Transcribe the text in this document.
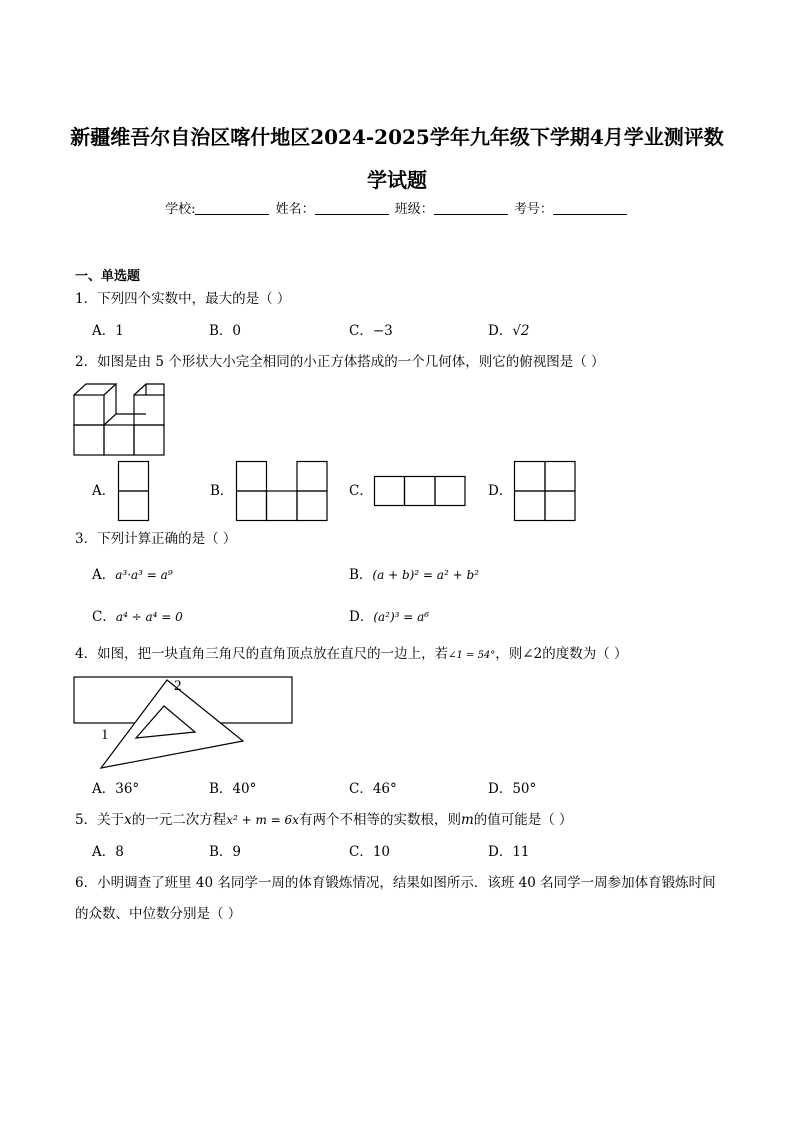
新疆维吾尔自治区喀什地区2024-2025学年九年级下学期4月学业测评数
学试题
学校:	姓名：	班级：	考号：
一、单选题
1．下列四个实数中，最大的是（ ）
A．1	B．0	C．−3	D．√2
2．如图是由 5 个形状大小完全相同的小正方体搭成的一个几何体，则它的俯视图是（ ）
A．	B．	C．	D．
3．下列计算正确的是（ ）
A．a³·a³ = a⁹	B．(a + b)² = a² + b²
C．a⁴ ÷ a⁴ = 0	D．(a²)³ = a⁶
4．如图，把一块直角三角尺的直角顶点放在直尺的一边上，若∠1 = 54°，则∠2的度数为（ ）
2
1
A．36°	B．40°	C．46°	D．50°
5．关于x的一元二次方程x² + m = 6x有两个不相等的实数根，则m的值可能是（ ）
A．8	B．9	C．10	D．11
6．小明调查了班里 40 名同学一周的体育锻炼情况，结果如图所示．该班 40 名同学一周参加体育锻炼时间
的众数、中位数分别是（ ）
